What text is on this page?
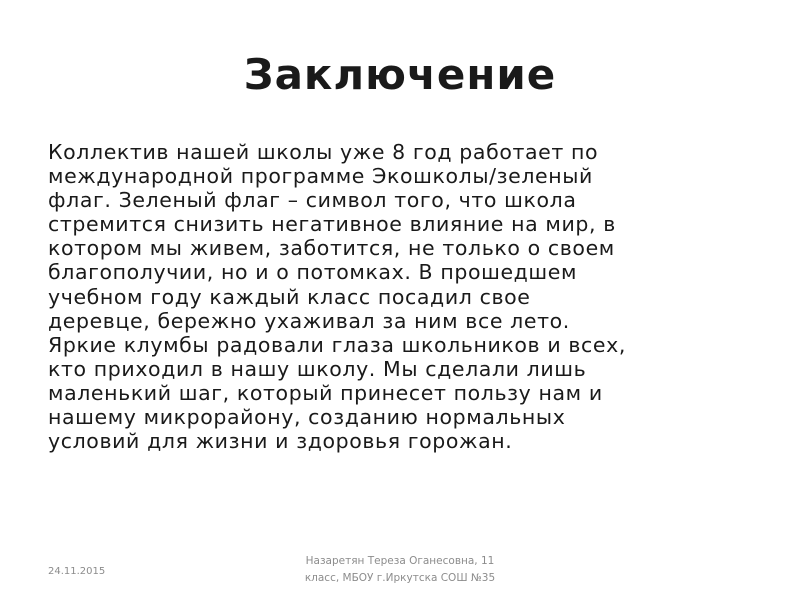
Заключение
Коллектив нашей школы уже 8 год работает по
международной программе Экошколы/зеленый
флаг. Зеленый флаг – символ того, что школа
стремится снизить негативное влияние на мир, в
котором мы живем, заботится, не только о своем
благополучии, но и о потомках. В прошедшем
учебном году каждый класс посадил свое
деревце, бережно ухаживал за ним все лето.
Яркие клумбы радовали глаза школьников и всех,
кто приходил в нашу школу. Мы сделали лишь
маленький шаг, который принесет пользу нам и
нашему микрорайону, созданию нормальных
условий для жизни и здоровья горожан.
24.11.2015
Назаретян Тереза Оганесовна, 11
класс, МБОУ г.Иркутска СОШ №35
